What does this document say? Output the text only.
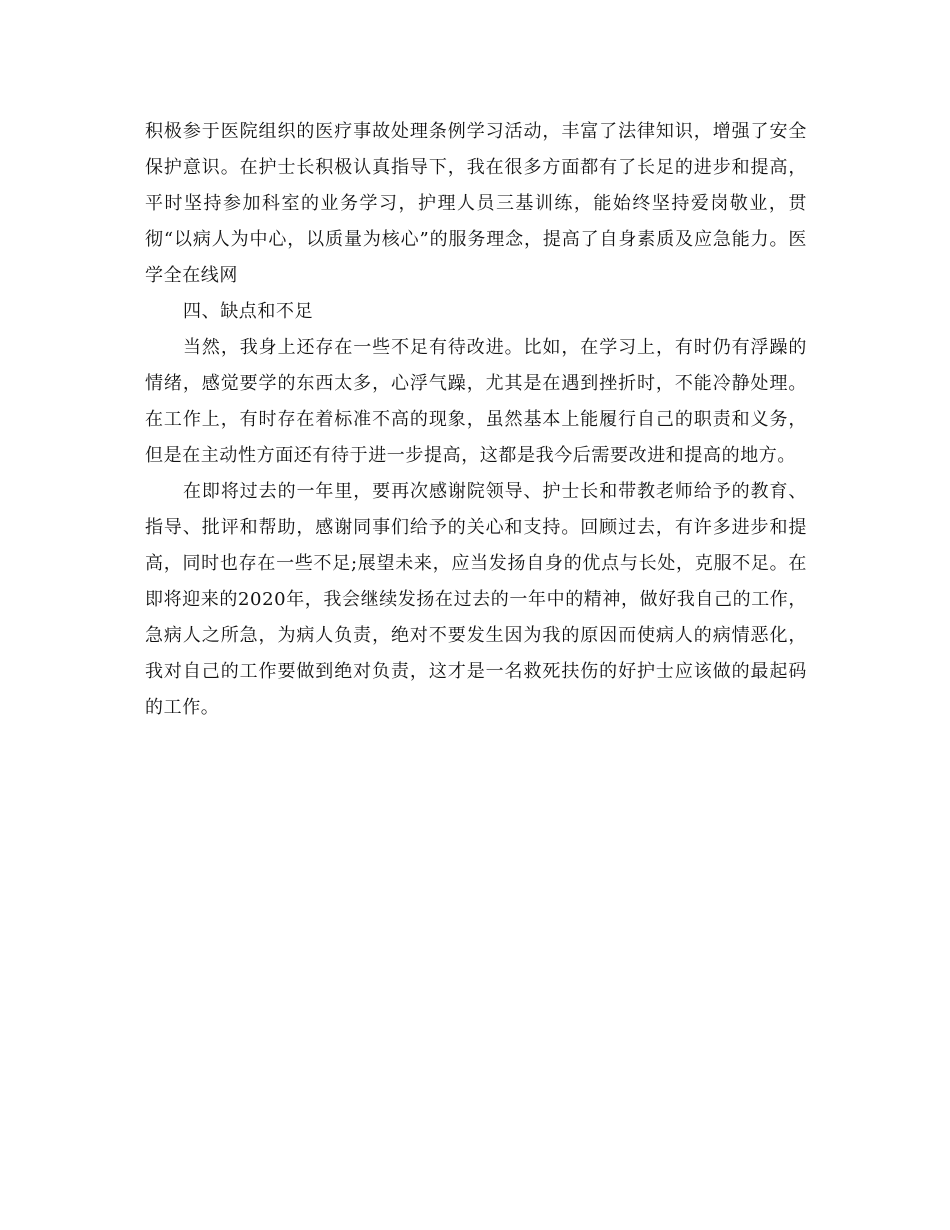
积极参于医院组织的医疗事故处理条例学习活动，丰富了法律知识，增强了安全保护意识。在护士长积极认真指导下，我在很多方面都有了长足的进步和提高，平时坚持参加科室的业务学习，护理人员三基训练，能始终坚持爱岗敬业，贯彻“以病人为中心，以质量为核心”的服务理念，提高了自身素质及应急能力。医学全在线网

四、缺点和不足

当然，我身上还存在一些不足有待改进。比如，在学习上，有时仍有浮躁的情绪，感觉要学的东西太多，心浮气躁，尤其是在遇到挫折时，不能冷静处理。在工作上，有时存在着标准不高的现象，虽然基本上能履行自己的职责和义务，但是在主动性方面还有待于进一步提高，这都是我今后需要改进和提高的地方。

在即将过去的一年里，要再次感谢院领导、护士长和带教老师给予的教育、指导、批评和帮助，感谢同事们给予的关心和支持。回顾过去，有许多进步和提高，同时也存在一些不足;展望未来，应当发扬自身的优点与长处，克服不足。在即将迎来的2020年，我会继续发扬在过去的一年中的精神，做好我自己的工作，急病人之所急，为病人负责，绝对不要发生因为我的原因而使病人的病情恶化，我对自己的工作要做到绝对负责，这才是一名救死扶伤的好护士应该做的最起码的工作。
